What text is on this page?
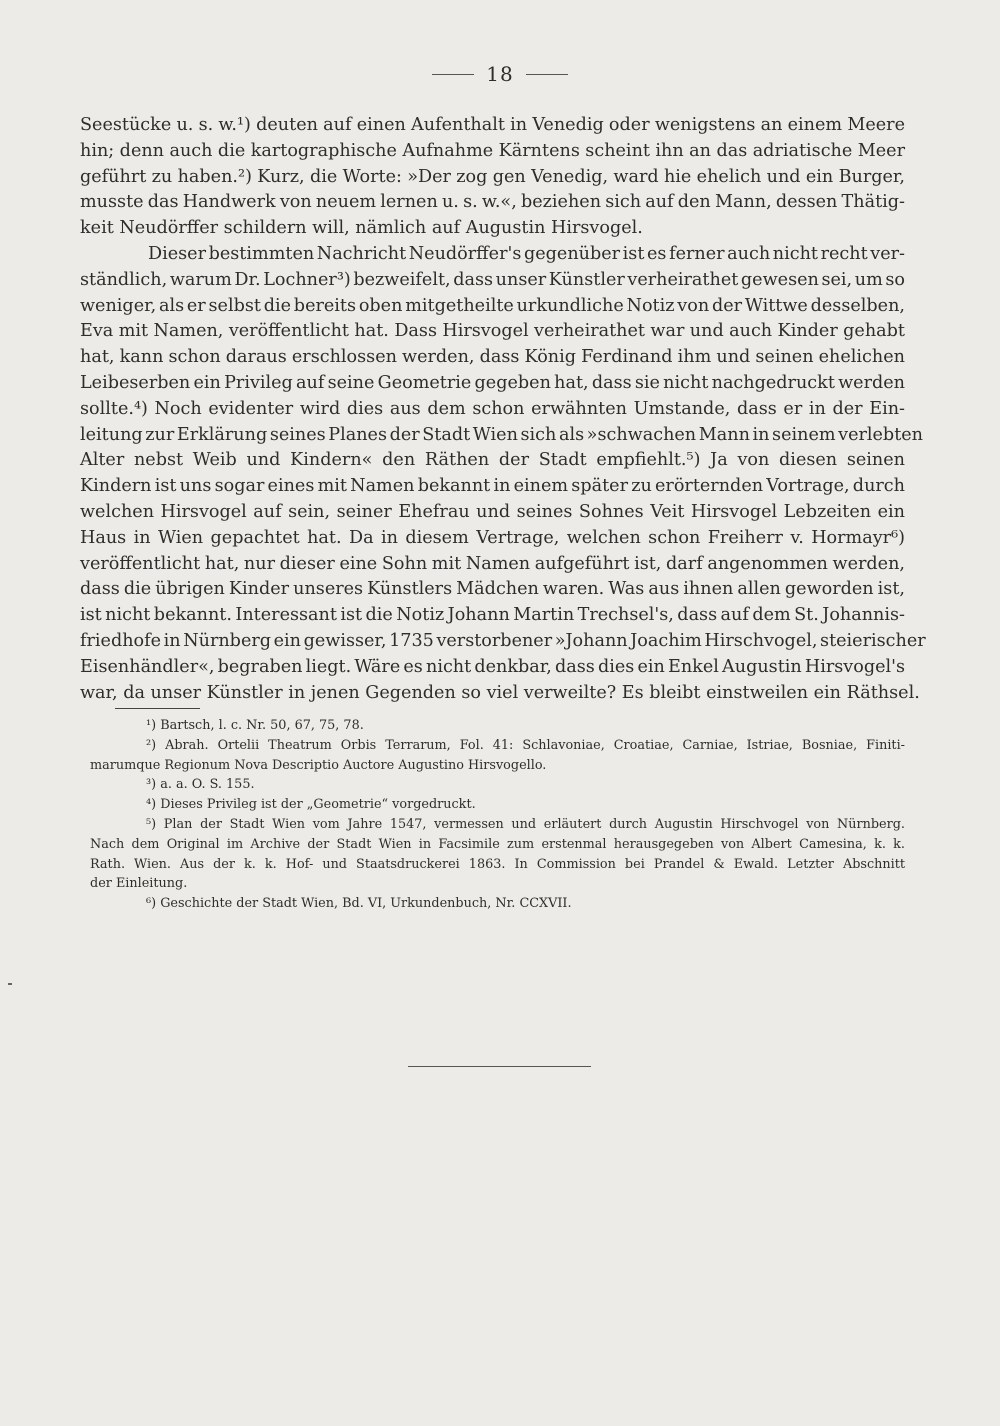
18
Seestücke u. s. w.¹) deuten auf einen Aufenthalt in Venedig oder wenigstens an einem Meere
hin; denn auch die kartographische Aufnahme Kärntens scheint ihn an das adriatische Meer
geführt zu haben.²) Kurz, die Worte: »Der zog gen Venedig, ward hie ehelich und ein Burger,
musste das Handwerk von neuem lernen u. s. w.«, beziehen sich auf den Mann, dessen Thätig-
keit Neudörffer schildern will, nämlich auf Augustin Hirsvogel.
Dieser bestimmten Nachricht Neudörffer's gegenüber ist es ferner auch nicht recht ver-
ständlich, warum Dr. Lochner³) bezweifelt, dass unser Künstler verheirathet gewesen sei, um so
weniger, als er selbst die bereits oben mitgetheilte urkundliche Notiz von der Wittwe desselben,
Eva mit Namen, veröffentlicht hat. Dass Hirsvogel verheirathet war und auch Kinder gehabt
hat, kann schon daraus erschlossen werden, dass König Ferdinand ihm und seinen ehelichen
Leibeserben ein Privileg auf seine Geometrie gegeben hat, dass sie nicht nachgedruckt werden
sollte.⁴) Noch evidenter wird dies aus dem schon erwähnten Umstande, dass er in der Ein-
leitung zur Erklärung seines Planes der Stadt Wien sich als »schwachen Mann in seinem verlebten
Alter nebst Weib und Kindern« den Räthen der Stadt empfiehlt.⁵) Ja von diesen seinen
Kindern ist uns sogar eines mit Namen bekannt in einem später zu erörternden Vortrage, durch
welchen Hirsvogel auf sein, seiner Ehefrau und seines Sohnes Veit Hirsvogel Lebzeiten ein
Haus in Wien gepachtet hat. Da in diesem Vertrage, welchen schon Freiherr v. Hormayr⁶)
veröffentlicht hat, nur dieser eine Sohn mit Namen aufgeführt ist, darf angenommen werden,
dass die übrigen Kinder unseres Künstlers Mädchen waren. Was aus ihnen allen geworden ist,
ist nicht bekannt. Interessant ist die Notiz Johann Martin Trechsel's, dass auf dem St. Johannis-
friedhofe in Nürnberg ein gewisser, 1735 verstorbener »Johann Joachim Hirschvogel, steierischer
Eisenhändler«, begraben liegt. Wäre es nicht denkbar, dass dies ein Enkel Augustin Hirsvogel's
war, da unser Künstler in jenen Gegenden so viel verweilte? Es bleibt einstweilen ein Räthsel.
¹) Bartsch, l. c. Nr. 50, 67, 75, 78.
²) Abrah. Ortelii Theatrum Orbis Terrarum, Fol. 41: Schlavoniae, Croatiae, Carniae, Istriae, Bosniae, Finiti-
marumque Regionum Nova Descriptio Auctore Augustino Hirsvogello.
³) a. a. O. S. 155.
⁴) Dieses Privileg ist der „Geometrie“ vorgedruckt.
⁵) Plan der Stadt Wien vom Jahre 1547, vermessen und erläutert durch Augustin Hirschvogel von Nürnberg.
Nach dem Original im Archive der Stadt Wien in Facsimile zum erstenmal herausgegeben von Albert Camesina, k. k.
Rath. Wien. Aus der k. k. Hof- und Staatsdruckerei 1863. In Commission bei Prandel & Ewald. Letzter Abschnitt
der Einleitung.
⁶) Geschichte der Stadt Wien, Bd. VI, Urkundenbuch, Nr. CCXVII.
